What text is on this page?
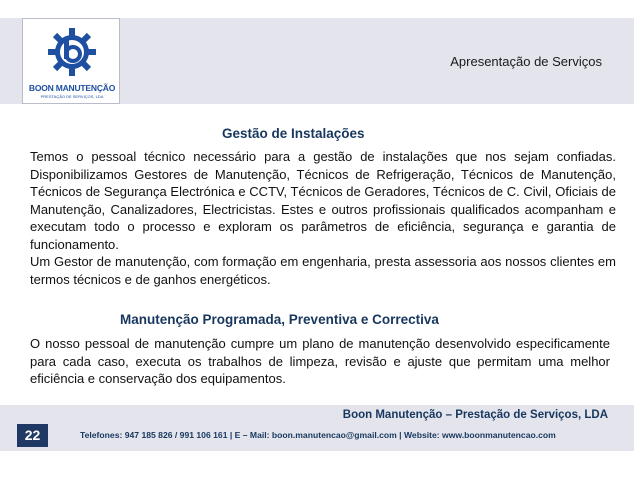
BOON MANUTENÇÃO
PRESTAÇÃO DE SERVIÇOS, LDA
Apresentação de Serviços
Gestão de Instalações

Temos o pessoal técnico necessário para a gestão de instalações que nos sejam confiadas. Disponibilizamos Gestores de Manutenção, Técnicos de Refrigeração, Técnicos de Manutenção, Técnicos de Segurança Electrónica e CCTV, Técnicos de Geradores, Técnicos de C. Civil, Oficiais de Manutenção, Canalizadores, Electricistas. Estes e outros profissionais qualificados acompanham e executam todo o processo e exploram os parâmetros de eficiência, segurança e garantia de funcionamento.

Um Gestor de manutenção, com formação em engenharia, presta assessoria aos nossos clientes em termos técnicos e de ganhos energéticos.

Manutenção Programada, Preventiva e Correctiva

O nosso pessoal de manutenção cumpre um plano de manutenção desenvolvido especificamente para cada caso, executa os trabalhos de limpeza, revisão e ajuste que permitam uma melhor eficiência e conservação dos equipamentos.

22
Boon Manutenção – Prestação de Serviços, LDA
Telefones: 947 185 826 / 991 106 161 | E – Mail: boon.manutencao@gmail.com | Website: www.boonmanutencao.com
